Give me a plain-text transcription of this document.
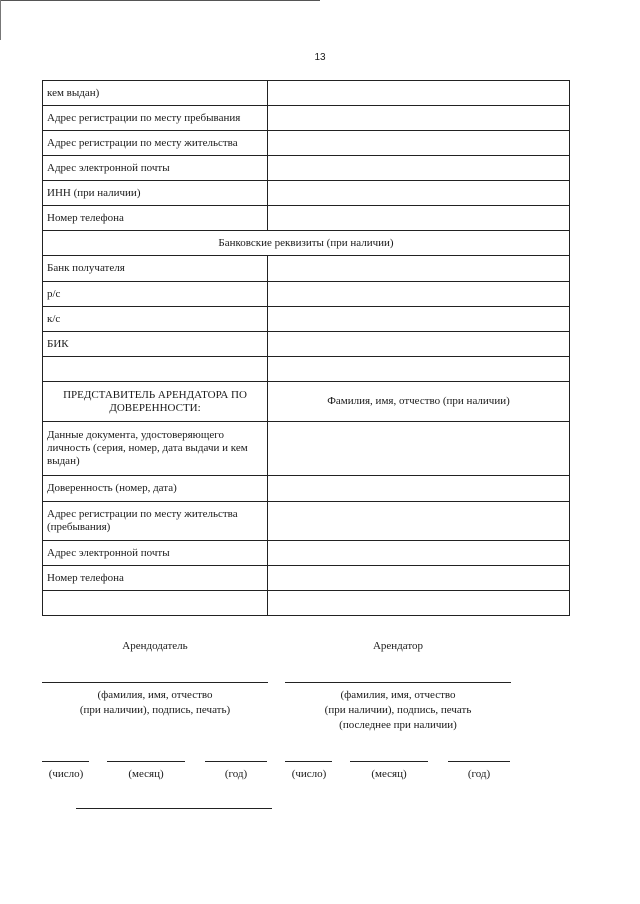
13
кем выдан)	
Адрес регистрации по месту пребывания	
Адрес регистрации по месту жительства	
Адрес электронной почты	
ИНН (при наличии)	
Номер телефона	
Банковские реквизиты (при наличии)	
Банк получателя	
р/с	
к/с	
БИК	

ПРЕДСТАВИТЕЛЬ АРЕНДАТОРА ПО ДОВЕРЕННОСТИ:	Фамилия, имя, отчество (при наличии)
Данные документа, удостоверяющего личность (серия, номер, дата выдачи и кем выдан)	
Доверенность (номер, дата)	
Адрес регистрации по месту жительства (пребывания)	
Адрес электронной почты	
Номер телефона	

Арендодатель	Арендатор
(фамилия, имя, отчество
(при наличии), подпись, печать)
(фамилия, имя, отчество
(при наличии), подпись, печать
(последнее при наличии)
(число)	(месяц)	(год)	(число)	(месяц)	(год)
